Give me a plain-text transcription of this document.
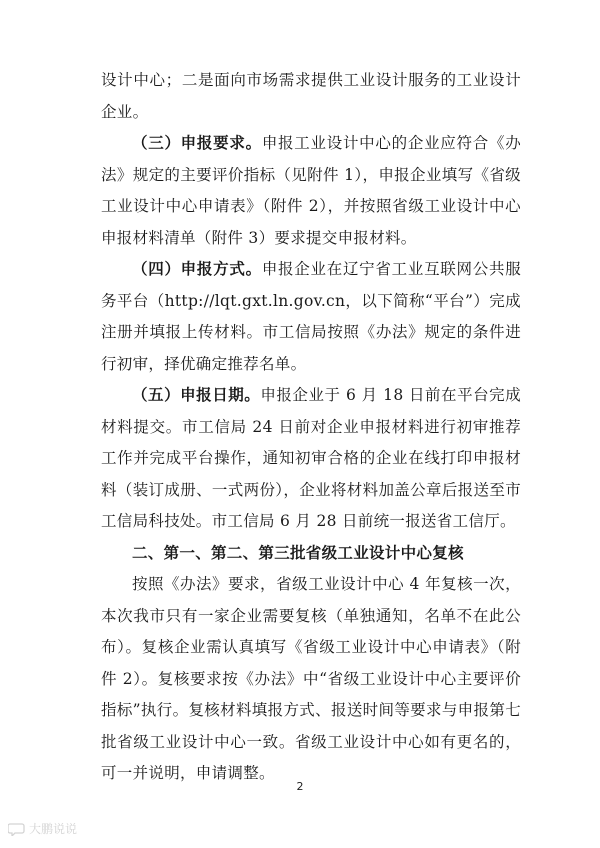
设计中心；二是面向市场需求提供工业设计服务的工业设计企业。

（三）申报要求。申报工业设计中心的企业应符合《办法》规定的主要评价指标（见附件 1），申报企业填写《省级工业设计中心申请表》（附件 2），并按照省级工业设计中心申报材料清单（附件 3）要求提交申报材料。

（四）申报方式。申报企业在辽宁省工业互联网公共服务平台（http://lqt.gxt.ln.gov.cn，以下简称“平台”）完成注册并填报上传材料。市工信局按照《办法》规定的条件进行初审，择优确定推荐名单。

（五）申报日期。申报企业于 6 月 18 日前在平台完成材料提交。市工信局 24 日前对企业申报材料进行初审推荐工作并完成平台操作，通知初审合格的企业在线打印申报材料（装订成册、一式两份），企业将材料加盖公章后报送至市工信局科技处。市工信局 6 月 28 日前统一报送省工信厅。

二、第一、第二、第三批省级工业设计中心复核

按照《办法》要求，省级工业设计中心 4 年复核一次，本次我市只有一家企业需要复核（单独通知，名单不在此公布）。复核企业需认真填写《省级工业设计中心申请表》（附件 2）。复核要求按《办法》中“省级工业设计中心主要评价指标”执行。复核材料填报方式、报送时间等要求与申报第七批省级工业设计中心一致。省级工业设计中心如有更名的，可一并说明，申请调整。

2
大鹏说说
